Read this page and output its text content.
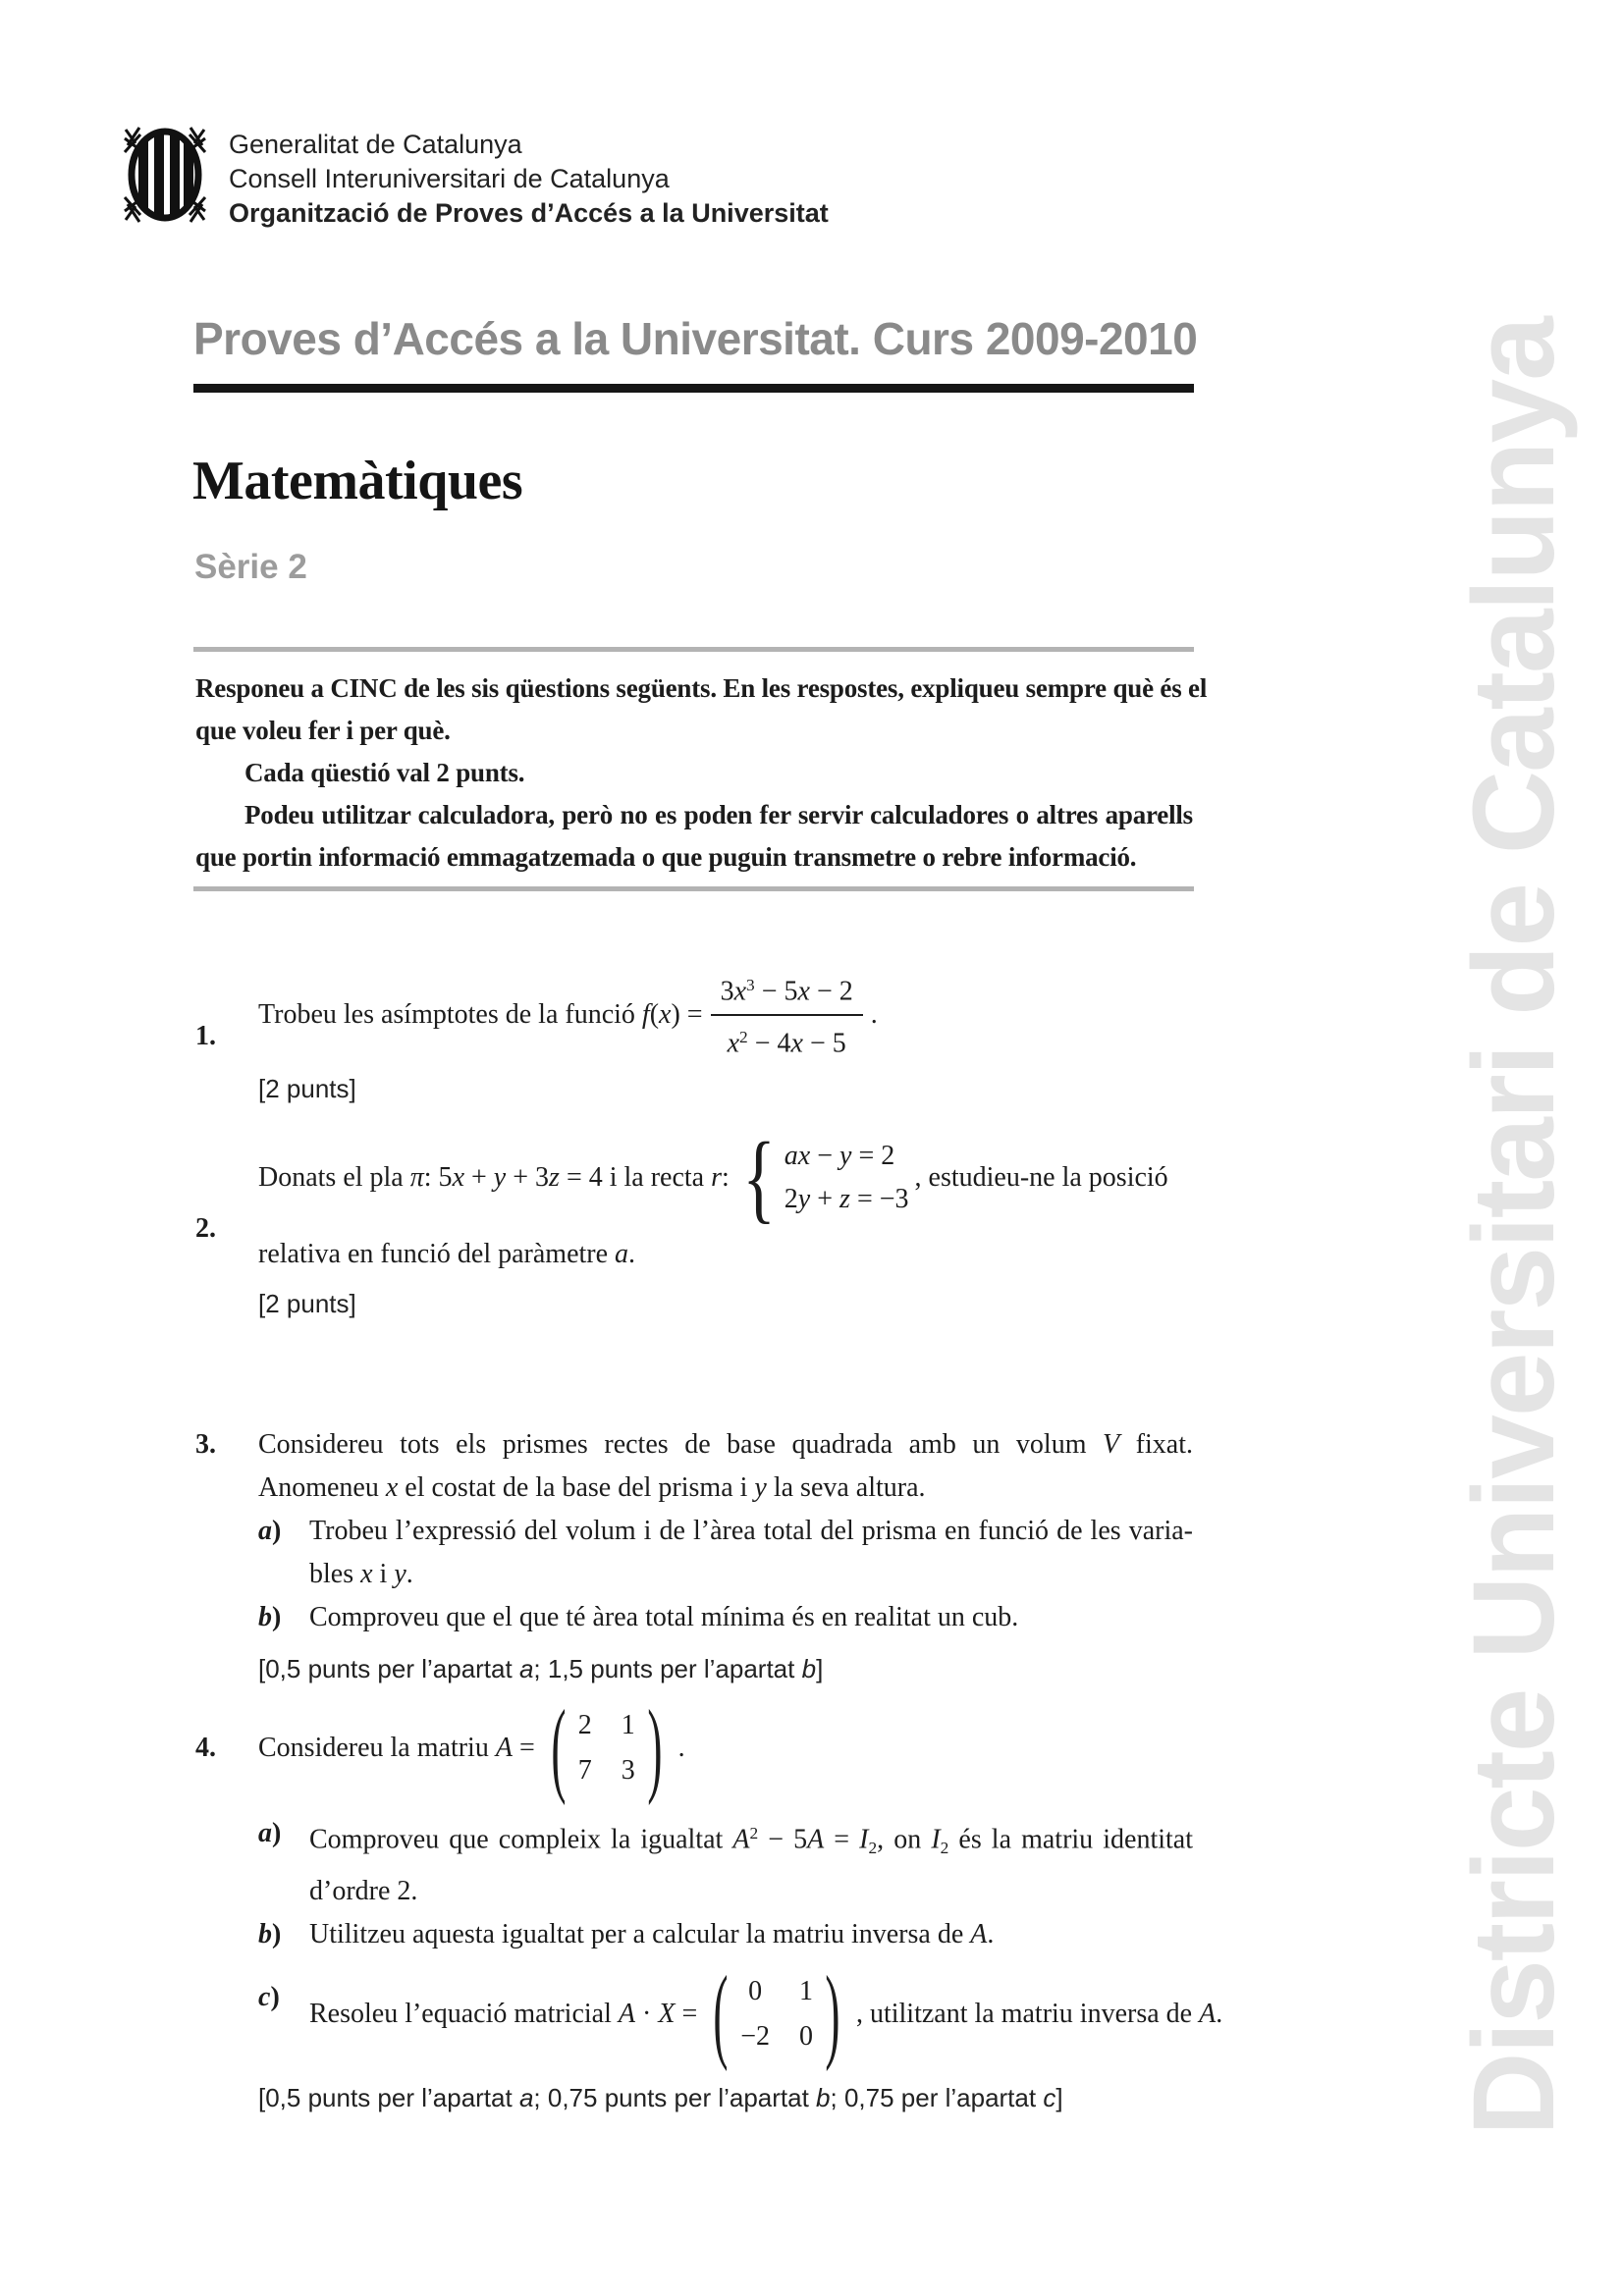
Districte Universitari de Catalunya
Generalitat de Catalunya
Consell Interuniversitari de Catalunya
Organització de Proves d’Accés a la Universitat
Proves d’Accés a la Universitat. Curs 2009-2010
Matemàtiques
Sèrie 2
Responeu a CINC de les sis qüestions següents. En les respostes, expliqueu sempre què és el
que voleu fer i per què.
Cada qüestió val 2 punts.
Podeu utilitzar calculadora, però no es poden fer servir calculadores o altres aparells
que portin informació emmagatzemada o que puguin transmetre o rebre informació.
1.
Trobeu les asímptotes de la funció $f(x) = \frac{3x^3 - 5x - 2}{x^2 - 4x - 5}$ .
[2 punts]
2.
Donats el pla π: 5x + y + 3z = 4 i la recta r: { ax − y = 2
2y + z = −3
, estudieu-ne la posició
relativa en funció del paràmetre a.
[2 punts]
3.	Considereu tots els prismes rectes de base quadrada amb un volum V fixat.
Anomeneu x el costat de la base del prisma i y la seva altura.
a)	Trobeu l’expressió del volum i de l’àrea total del prisma en funció de les varia-
bles x i y.
b)	Comproveu que el que té àrea total mínima és en realitat un cub.
[0,5 punts per l’apartat a; 1,5 punts per l’apartat b]
4.	Considereu la matriu A = ( 2 1
7 3 ) .
a)	Comproveu que compleix la igualtat $A^2 - 5A = I2$, on I2 és la matriu identitat
d’ordre 2.
b)	Utilitzeu aquesta igualtat per a calcular la matriu inversa de A.
c)
Resoleu l’equació matricial A · X = ( 0 1
−2 0 ) , utilitzant la matriu inversa de A.
[0,5 punts per l’apartat a; 0,75 punts per l’apartat b; 0,75 per l’apartat c]
